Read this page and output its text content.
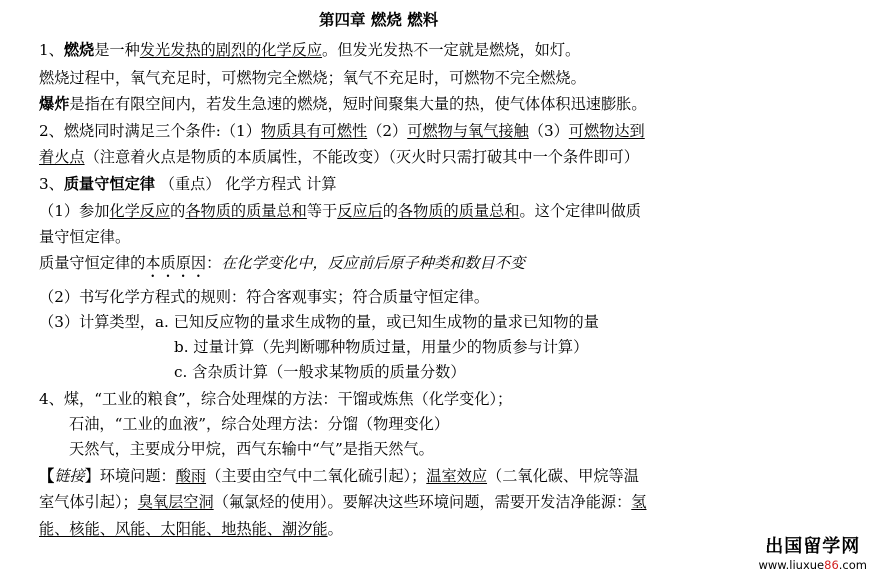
第四章 燃烧 燃料
1、燃烧是一种发光发热的剧烈的化学反应。但发光发热不一定就是燃烧，如灯。
燃烧过程中，氧气充足时，可燃物完全燃烧；氧气不充足时，可燃物不完全燃烧。
爆炸是指在有限空间内，若发生急速的燃烧，短时间聚集大量的热，使气体体积迅速膨胀。
2、燃烧同时满足三个条件:（1）物质具有可燃性（2）可燃物与氧气接触（3）可燃物达到
着火点（注意着火点是物质的本质属性，不能改变）（灭火时只需打破其中一个条件即可）
3、质量守恒定律 （重点） 化学方程式 计算
（1）参加化学反应的各物质的质量总和等于反应后的各物质的质量总和。这个定律叫做质
量守恒定律。
质量守恒定律的本质原因：在化学变化中，反应前后原子种类和数目不变
（2）书写化学方程式的规则：符合客观事实；符合质量守恒定律。
（3）计算类型，a. 已知反应物的量求生成物的量，或已知生成物的量求已知物的量
b. 过量计算（先判断哪种物质过量，用量少的物质参与计算）
c. 含杂质计算（一般求某物质的质量分数）
4、煤，“工业的粮食”，综合处理煤的方法：干馏或炼焦（化学变化）；
石油，“工业的血液”，综合处理方法：分馏（物理变化）
天然气，主要成分甲烷，西气东输中“气”是指天然气。
【链接】环境问题：酸雨（主要由空气中二氧化硫引起）；温室效应（二氧化碳、甲烷等温
室气体引起）；臭氧层空洞（氟氯烃的使用）。要解决这些环境问题，需要开发洁净能源：氢
能、核能、风能、太阳能、地热能、潮汐能。
出国留学网
www.liuxue86.com
